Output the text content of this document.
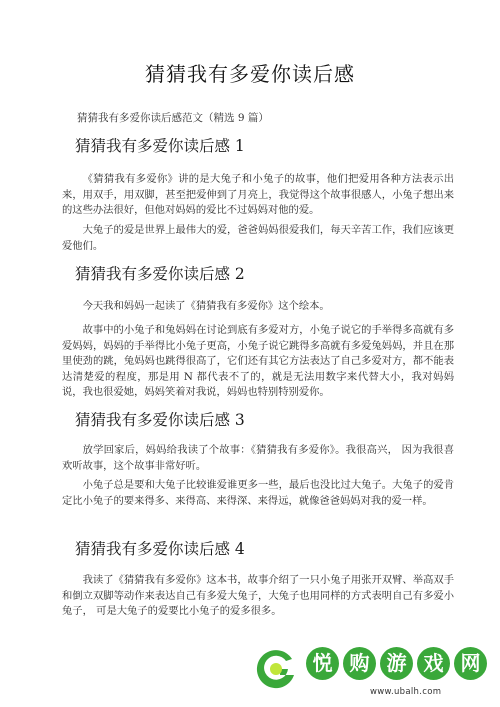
猜猜我有多爱你读后感
猜猜我有多爱你读后感范文（精选 9 篇）
猜猜我有多爱你读后感 1

《猜猜我有多爱你》讲的是大兔子和小兔子的故事，他们把爱用各种方法表示出来，用双手，用双脚，甚至把爱伸到了月亮上，我觉得这个故事很感人，小兔子想出来的这些办法很好，但他对妈妈的爱比不过妈妈对他的爱。

大兔子的爱是世界上最伟大的爱，爸爸妈妈很爱我们，每天辛苦工作，我们应该更爱他们。

猜猜我有多爱你读后感 2

今天我和妈妈一起读了《猜猜我有多爱你》这个绘本。

故事中的小兔子和兔妈妈在讨论到底有多爱对方，小兔子说它的手举得多高就有多爱妈妈，妈妈的手举得比小兔子更高，小兔子说它跳得多高就有多爱兔妈妈，并且在那里使劲的跳，兔妈妈也跳得很高了，它们还有其它方法表达了自己多爱对方，都不能表达清楚爱的程度，那是用 N 都代表不了的，就是无法用数字来代替大小，我对妈妈说，我也很爱她，妈妈笑着对我说，妈妈也特别特别爱你。

猜猜我有多爱你读后感 3

放学回家后，妈妈给我读了个故事：《猜猜我有多爱你》。我很高兴， 因为我很喜欢听故事，这个故事非常好听。

小兔子总是要和大兔子比较谁爱谁更多一些，最后也没比过大兔子。大兔子的爱肯定比小兔子的要来得多、来得高、来得深、来得远，就像爸爸妈妈对我的爱一样。

猜猜我有多爱你读后感 4

我读了《猜猜我有多爱你》这本书，故事介绍了一只小兔子用张开双臂、举高双手和倒立双脚等动作来表达自己有多爱大兔子，大兔子也用同样的方式表明自己有多爱小兔子， 可是大兔子的爱要比小兔子的爱多很多。

悦 购 游 戏 网
www.ubalh.com
